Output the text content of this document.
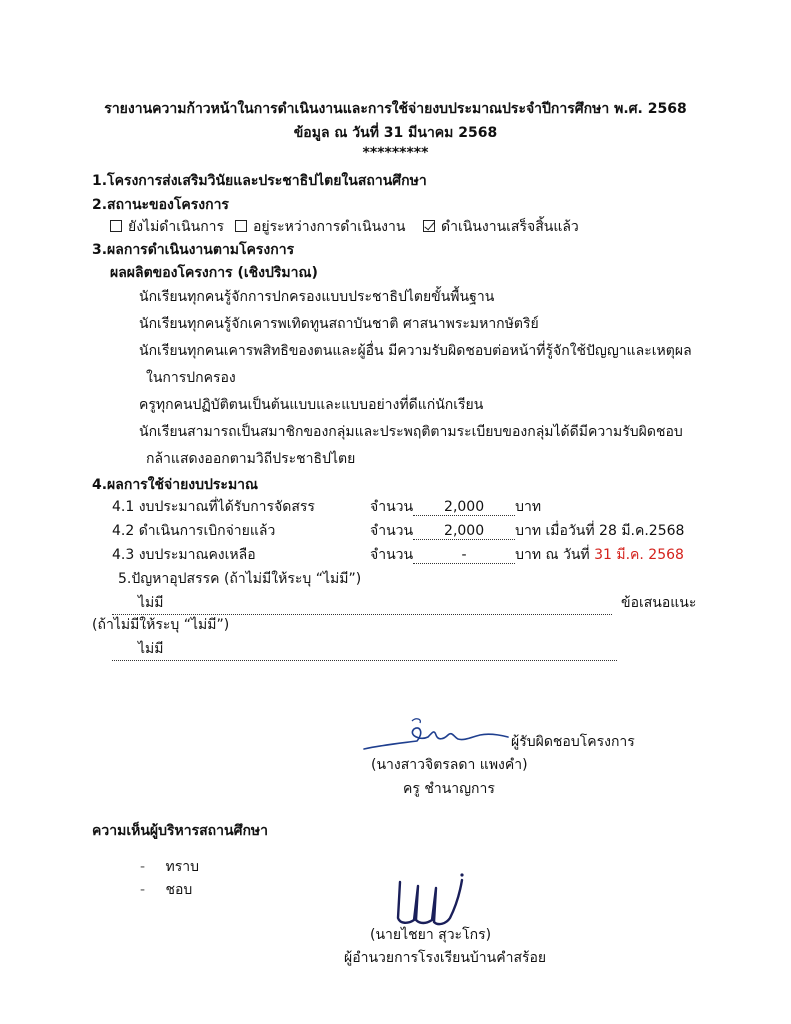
รายงานความก้าวหน้าในการดำเนินงานและการใช้จ่ายงบประมาณประจำปีการศึกษา พ.ศ. 2568
ข้อมูล ณ วันที่ 31 มีนาคม 2568
*********
1.โครงการส่งเสริมวินัยและประชาธิปไตยในสถานศึกษา
2.สถานะของโครงการ
ยังไม่ดำเนินการ	อยู่ระหว่างการดำเนินงาน	ดำเนินงานเสร็จสิ้นแล้ว
3.ผลการดำเนินงานตามโครงการ
ผลผลิตของโครงการ (เชิงปริมาณ)
นักเรียนทุกคนรู้จักการปกครองแบบประชาธิปไตยขั้นพื้นฐาน
นักเรียนทุกคนรู้จักเคารพเทิดทูนสถาบันชาติ ศาสนาพระมหากษัตริย์
นักเรียนทุกคนเคารพสิทธิของตนและผู้อื่น มีความรับผิดชอบต่อหน้าที่รู้จักใช้ปัญญาและเหตุผล
ในการปกครอง
ครูทุกคนปฏิบัติตนเป็นต้นแบบและแบบอย่างที่ดีแก่นักเรียน
นักเรียนสามารถเป็นสมาชิกของกลุ่มและประพฤติตามระเบียบของกลุ่มได้ดีมีความรับผิดชอบ
กล้าแสดงออกตามวิถีประชาธิปไตย
4.ผลการใช้จ่ายงบประมาณ
4.1 งบประมาณที่ได้รับการจัดสรร	จำนวน 2,000 บาท
4.2 ดำเนินการเบิกจ่ายแล้ว	จำนวน 2,000 บาท เมื่อวันที่ 28 มี.ค.2568
4.3 งบประมาณคงเหลือ	จำนวน	-	บาท ณ วันที่ 31 มี.ค. 2568
5.ปัญหาอุปสรรค (ถ้าไม่มีให้ระบุ “ไม่มี”)
ไม่มี	ข้อเสนอแนะ
(ถ้าไม่มีให้ระบุ “ไม่มี”)
ไม่มี
ผู้รับผิดชอบโครงการ
(นางสาวจิตรลดา แพงคำ)
ครู ชำนาญการ
ความเห็นผู้บริหารสถานศึกษา
- ทราบ
- ชอบ
(นายไชยา สุวะโกร)
ผู้อำนวยการโรงเรียนบ้านคำสร้อย
